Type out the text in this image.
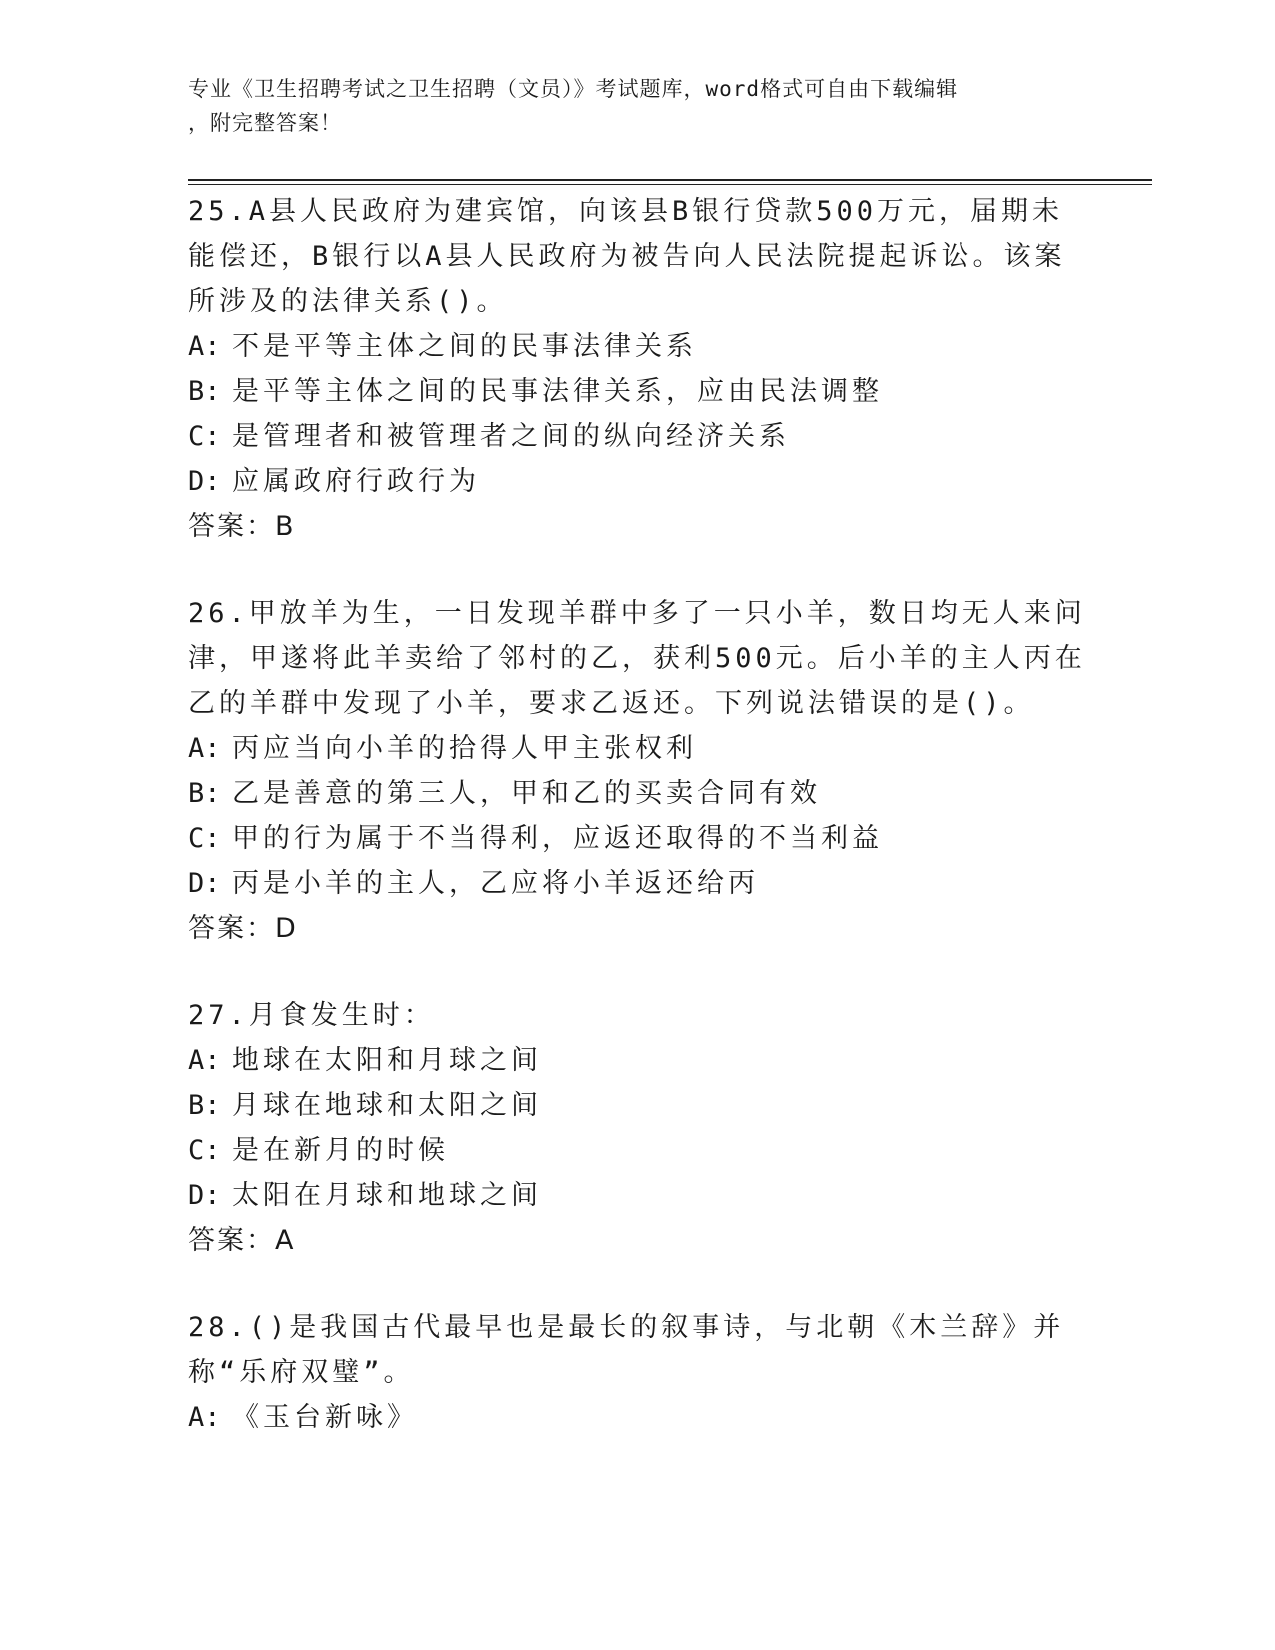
专业《卫生招聘考试之卫生招聘（文员）》考试题库，word格式可自由下载编辑
，附完整答案！
25.A县人民政府为建宾馆，向该县B银行贷款500万元，届期未能偿还，B银行以A县人民政府为被告向人民法院提起诉讼。该案所涉及的法律关系()。
A: 不是平等主体之间的民事法律关系
B: 是平等主体之间的民事法律关系，应由民法调整
C: 是管理者和被管理者之间的纵向经济关系
D: 应属政府行政行为
答案：B
26.甲放羊为生，一日发现羊群中多了一只小羊，数日均无人来问津，甲遂将此羊卖给了邻村的乙，获利500元。后小羊的主人丙在乙的羊群中发现了小羊，要求乙返还。下列说法错误的是()。
A: 丙应当向小羊的拾得人甲主张权利
B: 乙是善意的第三人，甲和乙的买卖合同有效
C: 甲的行为属于不当得利，应返还取得的不当利益
D: 丙是小羊的主人，乙应将小羊返还给丙
答案：D
27.月食发生时：
A: 地球在太阳和月球之间
B: 月球在地球和太阳之间
C: 是在新月的时候
D: 太阳在月球和地球之间
答案：A
28.()是我国古代最早也是最长的叙事诗，与北朝《木兰辞》并称“乐府双璧”。
A: 《玉台新咏》
